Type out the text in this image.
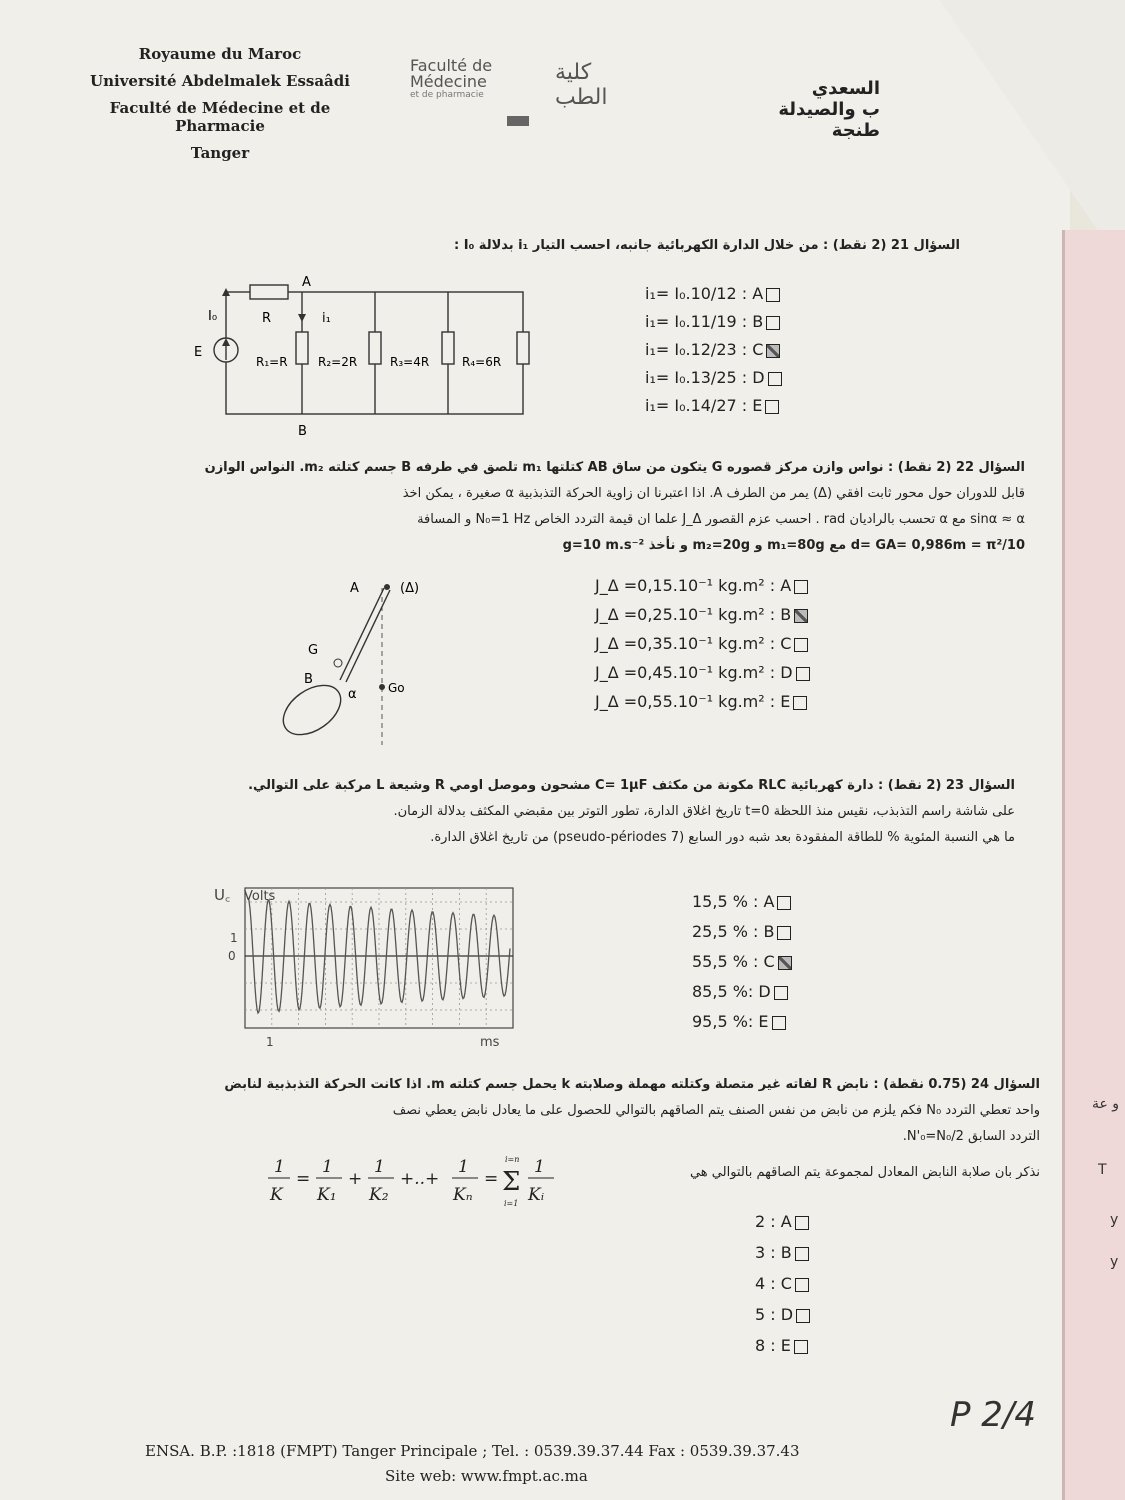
Royaume du Maroc
Université Abdelmalek Essaâdi
Faculté de Médecine et de Pharmacie
Tanger
Faculté de
Médecine
et de pharmacie
كلية الطب	السعدي
ب والصيدلة
طنجة
السؤال 21 (2 نقط) : من خلال الدارة الكهربائية جانبه، احسب التيار i₁ بدلالة I₀ :
A
B
I₀	R	i₁
E
R₁=R	R₂=2R	R₃=4R	R₄=6R
i₁= I₀.10/12 : A
i₁= I₀.11/19 : B
i₁= I₀.12/23 : C
i₁= I₀.13/25 : D
i₁= I₀.14/27 : E
السؤال 22 (2 نقط) : نواس وازن مركز قصوره G يتكون من ساق AB كتلتها m₁ تلصق في طرفه B جسم كتلته m₂. النواس الوازن
قابل للدوران حول محور ثابت افقي (Δ) يمر من الطرف A. اذا اعتبرنا ان زاوية الحركة التذبذبية α صغيرة ، يمكن اخذ
sinα ≈ α مع α تحسب بالراديان rad . احسب عزم القصور J_Δ علما ان قيمة التردد الخاص N₀=1 Hz و المسافة
d= GA= 0,986m = π²/10 مع m₁=80g و m₂=20g و نأخذ g=10 m.s⁻²
A	(Δ)
G
B
α	Go
J_Δ =0,15.10⁻¹ kg.m² : A
J_Δ =0,25.10⁻¹ kg.m² : B
J_Δ =0,35.10⁻¹ kg.m² : C
J_Δ =0,45.10⁻¹ kg.m² : D
J_Δ =0,55.10⁻¹ kg.m² : E
السؤال 23 (2 نقط) : دارة كهربائية RLC مكونة من مكثف C= 1μF مشحون وموصل اومي R وشيعة L مركبة على التوالي.
على شاشة راسم التذبذب، نقيس منذ اللحظة t=0 تاريخ اغلاق الدارة، تطور التوتر بين مقبضي المكثف بدلالة الزمان.
ما هي النسبة المئوية % للطاقة المفقودة بعد شبه دور السابع (7 pseudo-périodes) من تاريخ اغلاق الدارة.
U꜀ Volts
1
0
1	ms
15,5 % : A
25,5 % : B
55,5 % : C
85,5 %: D
95,5 %: E
السؤال 24 (0.75 نقطة) : نابض R لفاته غير متصلة وكتلته مهملة وصلابته k يحمل جسم كتلته m. اذا كانت الحركة التذبذبية لنابض
واحد تعطي التردد N₀ فكم يلزم من نابض من نفس الصنف يتم الصاقهم بالتوالي للحصول على ما يعادل نابض يعطي نصف
التردد السابق N'₀=N₀/2.
نذكر بان صلابة النابض المعادل لمجموعة يتم الصاقهم بالتوالي هي
1
K
=
1
K₁
+
1
K₂
+..+
1
Kₙ
= Σ
i=n
i=1
1
Kᵢ
2 : A
3 : B
4 : C
5 : D
8 : E
P 2/4
ENSA. B.P. :1818 (FMPT) Tanger Principale ; Tel. : 0539.39.37.44 Fax : 0539.39.37.43
Site web: www.fmpt.ac.ma
و عة
T
y
y
